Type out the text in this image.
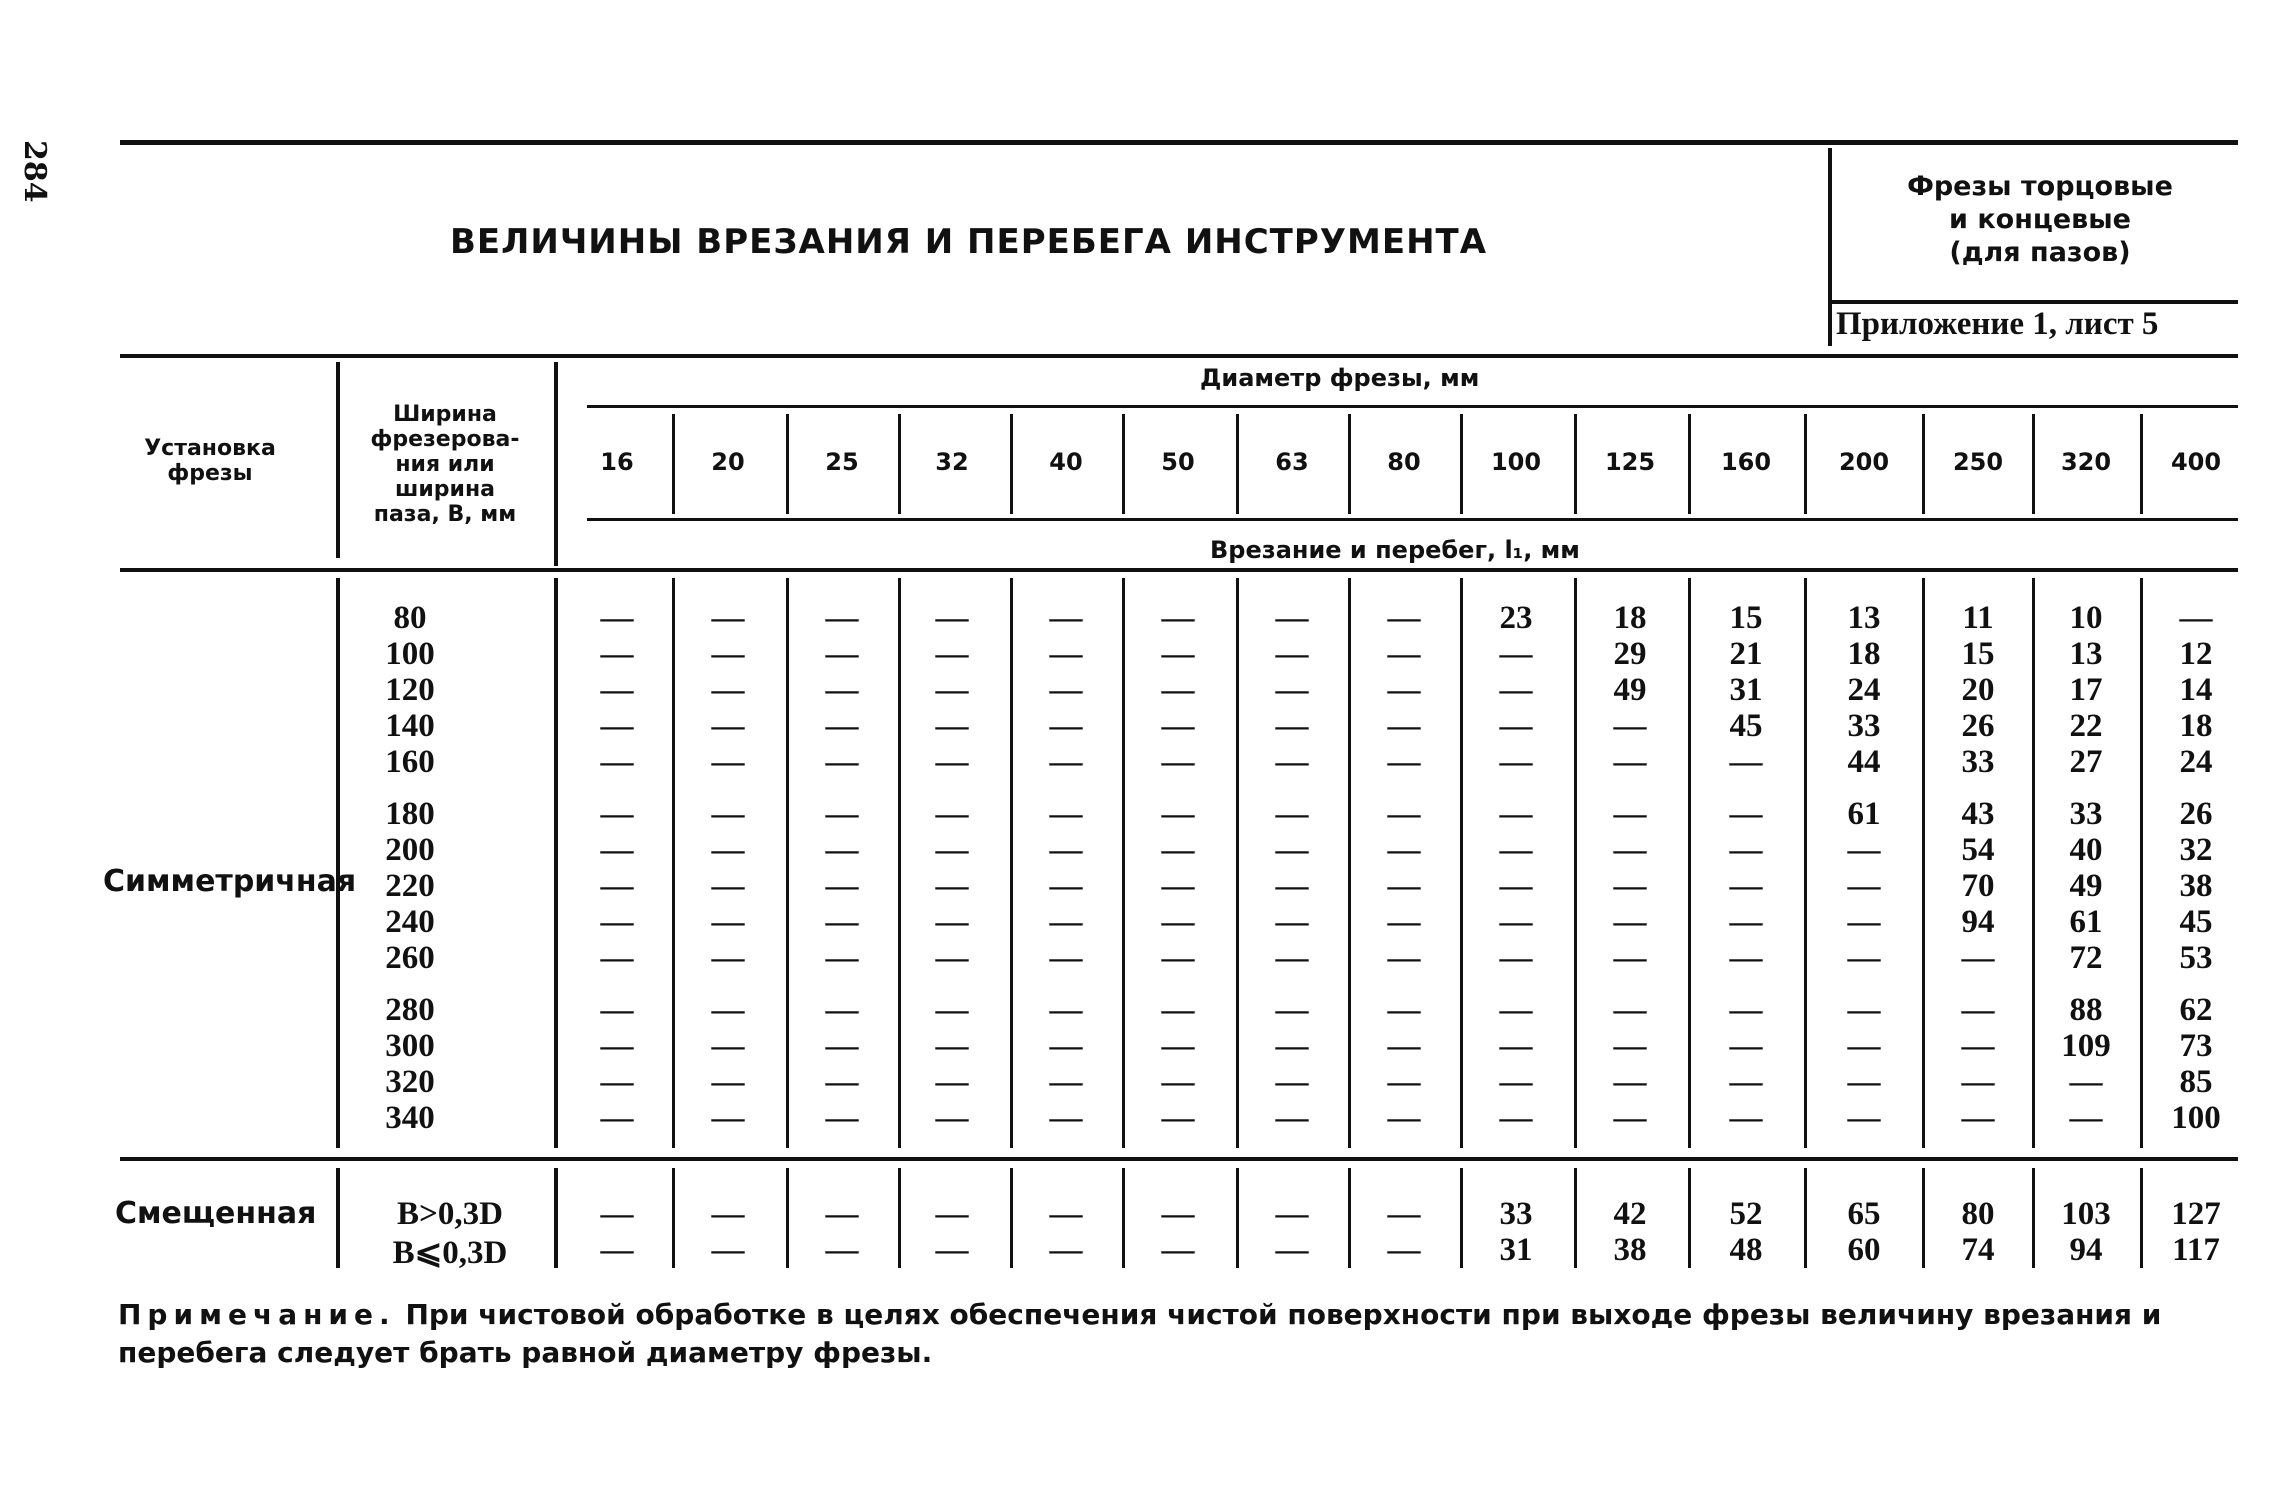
284
ВЕЛИЧИНЫ ВРЕЗАНИЯ И ПЕРЕБЕГА ИНСТРУМЕНТА
Фрезы торцовые
и концевые
(для пазов)
Приложение 1, лист 5
Установка фрезы
Ширина
фрезерова-
ния или
ширина
паза, В, мм
Диаметр фрезы, мм
Врезание и перебег, l₁, мм
16	20	25	32	40	50	63	80	100	125	160	200	250 320 400
Симметричная
Смещенная
80	—	—	—	—	—	—	—	—	23	18	15	13	11	10	—
100	—	—	—	—	—	—	—	—	—	29	21	18	15	13	12
120	—	—	—	—	—	—	—	—	—	49	31	24	20	17	14
140	—	—	—	—	—	—	—	—	—	—	45	33	26	22	18
160	—	—	—	—	—	—	—	—	—	—	—	44	33	27	24
180	—	—	—	—	—	—	—	—	—	—	—	61	43	33	26
200	—	—	—	—	—	—	—	—	—	—	—	—	54	40	32
220	—	—	—	—	—	—	—	—	—	—	—	—	70	49	38
240	—	—	—	—	—	—	—	—	—	—	—	—	94	61	45
260	—	—	—	—	—	—	—	—	—	—	—	—	—	72	53
280	—	—	—	—	—	—	—	—	—	—	—	—	—	88	62
300	—	—	—	—	—	—	—	—	—	—	—	—	—	109	73
320	—	—	—	—	—	—	—	—	—	—	—	—	—	—	85
340	—	—	—	—	—	—	—	—	—	—	—	—	—	—	100
B>0,3D	—	—	—	—	—	—	—	—	33	42	52	65	80	103	127
B⩽0,3D	—	—	—	—	—	—	—	—	31	38	48	60	74	94	117
Примечание. При чистовой обработке в целях обеспечения чистой поверхности при выходе фрезы величину врезания и перебега следует брать равной диаметру фрезы.
